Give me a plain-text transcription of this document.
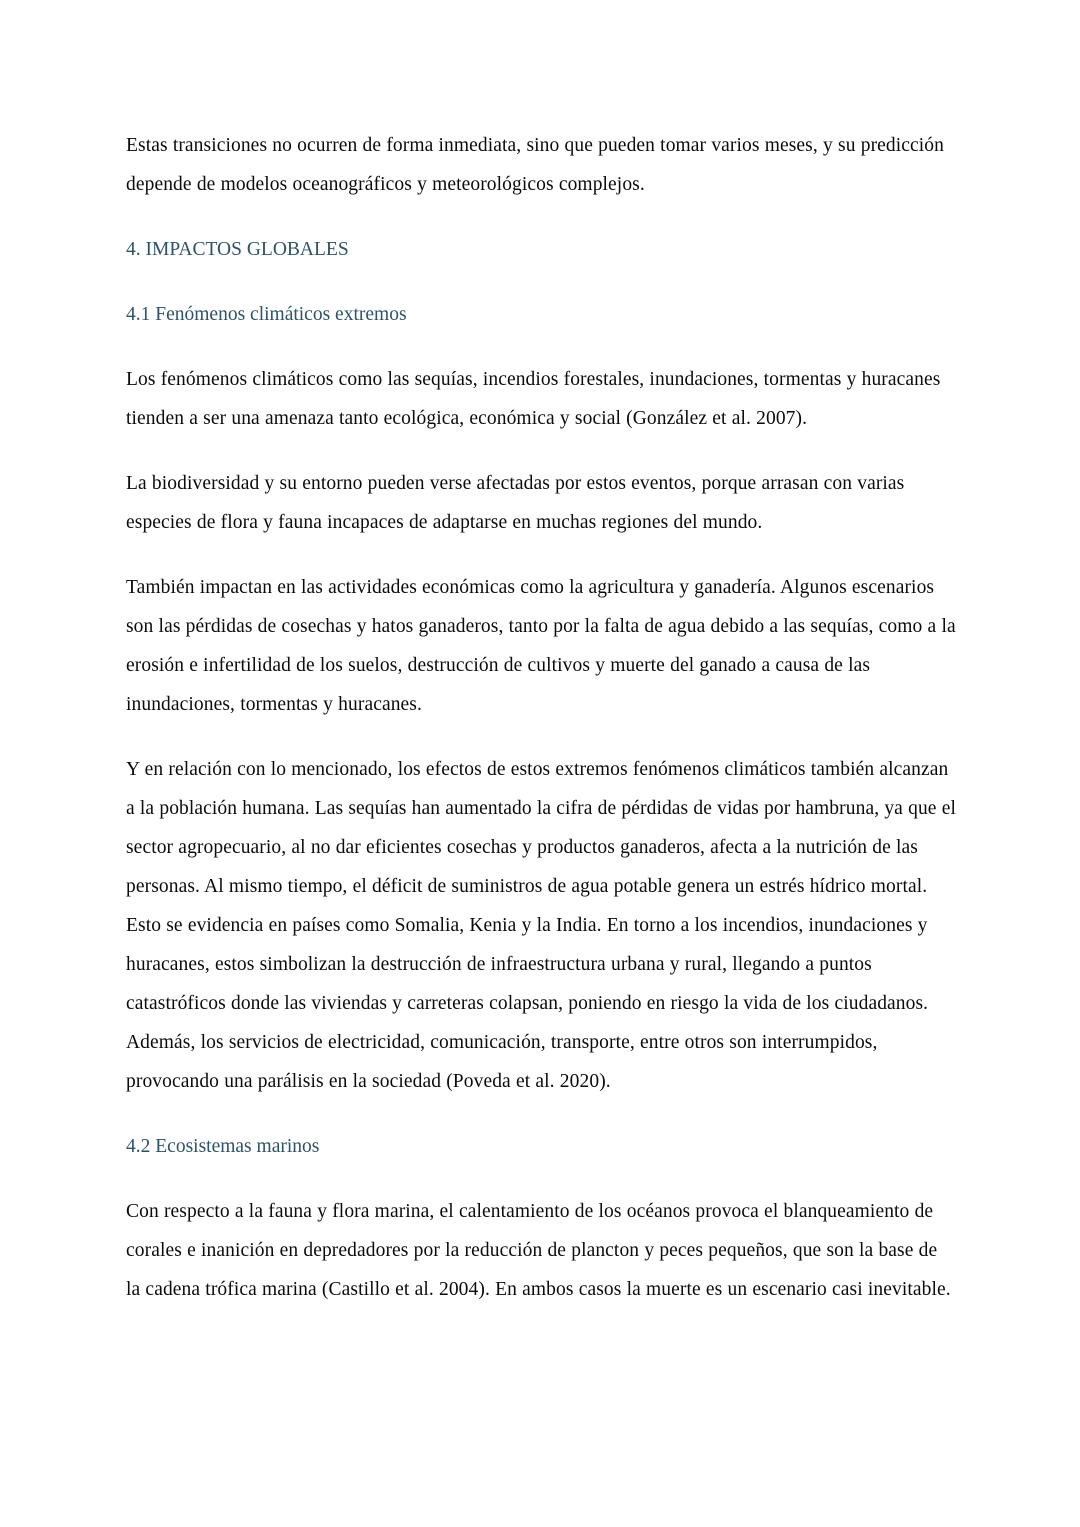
Estas transiciones no ocurren de forma inmediata, sino que pueden tomar varios meses, y su predicción depende de modelos oceanográficos y meteorológicos complejos.

4. IMPACTOS GLOBALES
4.1 Fenómenos climáticos extremos

Los fenómenos climáticos como las sequías, incendios forestales, inundaciones, tormentas y huracanes tienden a ser una amenaza tanto ecológica, económica y social (González et al. 2007).

La biodiversidad y su entorno pueden verse afectadas por estos eventos, porque arrasan con varias especies de flora y fauna incapaces de adaptarse en muchas regiones del mundo.

También impactan en las actividades económicas como la agricultura y ganadería. Algunos escenarios son las pérdidas de cosechas y hatos ganaderos, tanto por la falta de agua debido a las sequías, como a la erosión e infertilidad de los suelos, destrucción de cultivos y muerte del ganado a causa de las inundaciones, tormentas y huracanes.

Y en relación con lo mencionado, los efectos de estos extremos fenómenos climáticos también alcanzan a la población humana. Las sequías han aumentado la cifra de pérdidas de vidas por hambruna, ya que el sector agropecuario, al no dar eficientes cosechas y productos ganaderos, afecta a la nutrición de las personas. Al mismo tiempo, el déficit de suministros de agua potable genera un estrés hídrico mortal. Esto se evidencia en países como Somalia, Kenia y la India. En torno a los incendios, inundaciones y huracanes, estos simbolizan la destrucción de infraestructura urbana y rural, llegando a puntos catastróficos donde las viviendas y carreteras colapsan, poniendo en riesgo la vida de los ciudadanos. Además, los servicios de electricidad, comunicación, transporte, entre otros son interrumpidos, provocando una parálisis en la sociedad (Poveda et al. 2020).

4.2 Ecosistemas marinos

Con respecto a la fauna y flora marina, el calentamiento de los océanos provoca el blanqueamiento de corales e inanición en depredadores por la reducción de plancton y peces pequeños, que son la base de la cadena trófica marina (Castillo et al. 2004). En ambos casos la muerte es un escenario casi inevitable.
